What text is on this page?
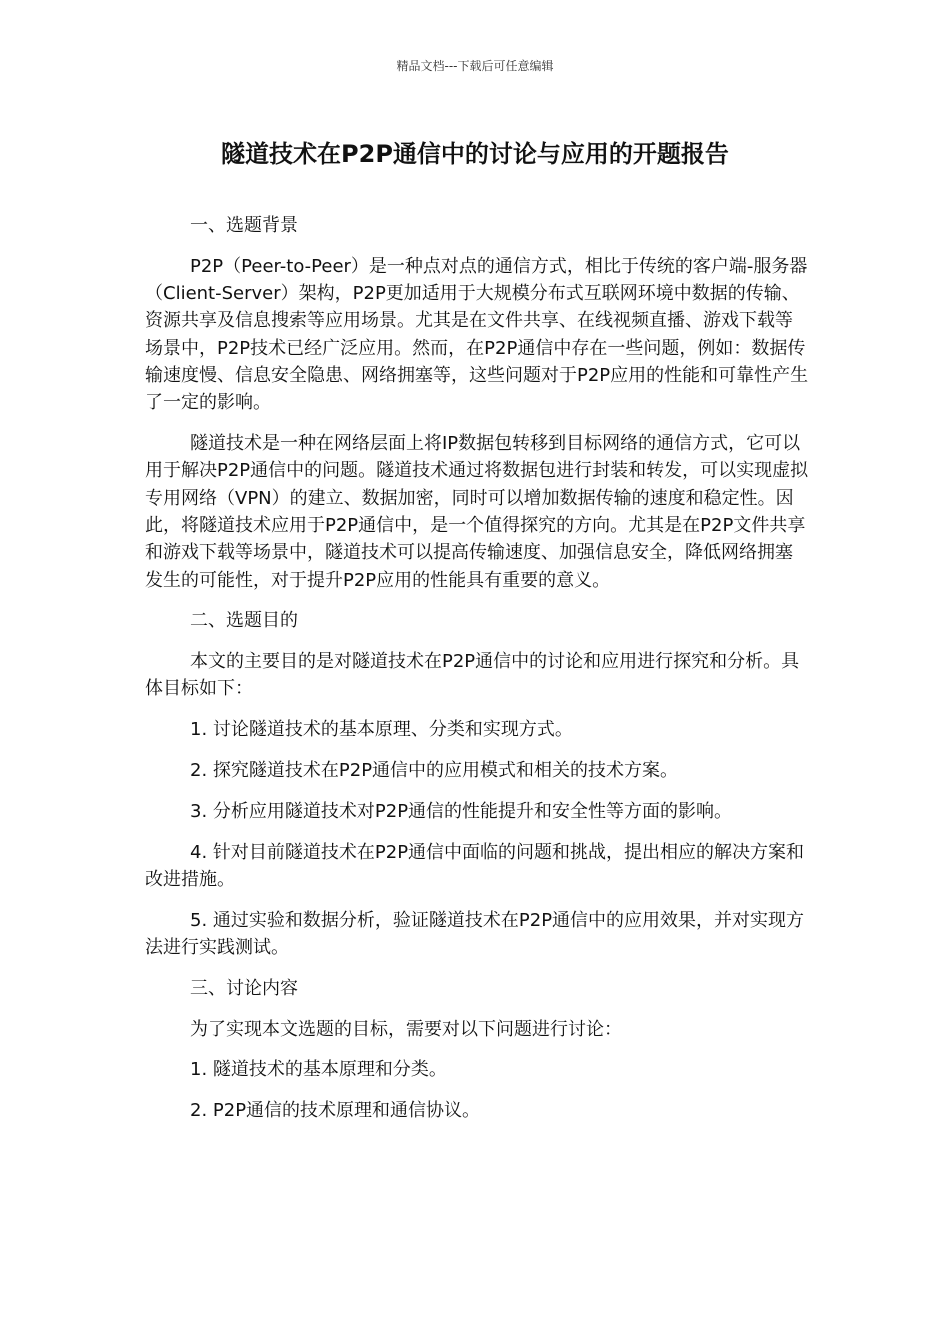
精品文档---下载后可任意编辑
隧道技术在P2P通信中的讨论与应用的开题报告

一、选题背景

P2P（Peer-to-Peer）是一种点对点的通信方式，相比于传统的客户端-服务器（Client-Server）架构，P2P更加适用于大规模分布式互联网环境中数据的传输、资源共享及信息搜索等应用场景。尤其是在文件共享、在线视频直播、游戏下载等场景中，P2P技术已经广泛应用。然而，在P2P通信中存在一些问题，例如：数据传输速度慢、信息安全隐患、网络拥塞等，这些问题对于P2P应用的性能和可靠性产生了一定的影响。

隧道技术是一种在网络层面上将IP数据包转移到目标网络的通信方式，它可以用于解决P2P通信中的问题。隧道技术通过将数据包进行封装和转发，可以实现虚拟专用网络（VPN）的建立、数据加密，同时可以增加数据传输的速度和稳定性。因此，将隧道技术应用于P2P通信中，是一个值得探究的方向。尤其是在P2P文件共享和游戏下载等场景中，隧道技术可以提高传输速度、加强信息安全，降低网络拥塞发生的可能性，对于提升P2P应用的性能具有重要的意义。

二、选题目的

本文的主要目的是对隧道技术在P2P通信中的讨论和应用进行探究和分析。具体目标如下：

1. 讨论隧道技术的基本原理、分类和实现方式。

2. 探究隧道技术在P2P通信中的应用模式和相关的技术方案。

3. 分析应用隧道技术对P2P通信的性能提升和安全性等方面的影响。

4. 针对目前隧道技术在P2P通信中面临的问题和挑战，提出相应的解决方案和改进措施。

5. 通过实验和数据分析，验证隧道技术在P2P通信中的应用效果，并对实现方法进行实践测试。

三、讨论内容

为了实现本文选题的目标，需要对以下问题进行讨论：

1. 隧道技术的基本原理和分类。

2. P2P通信的技术原理和通信协议。
